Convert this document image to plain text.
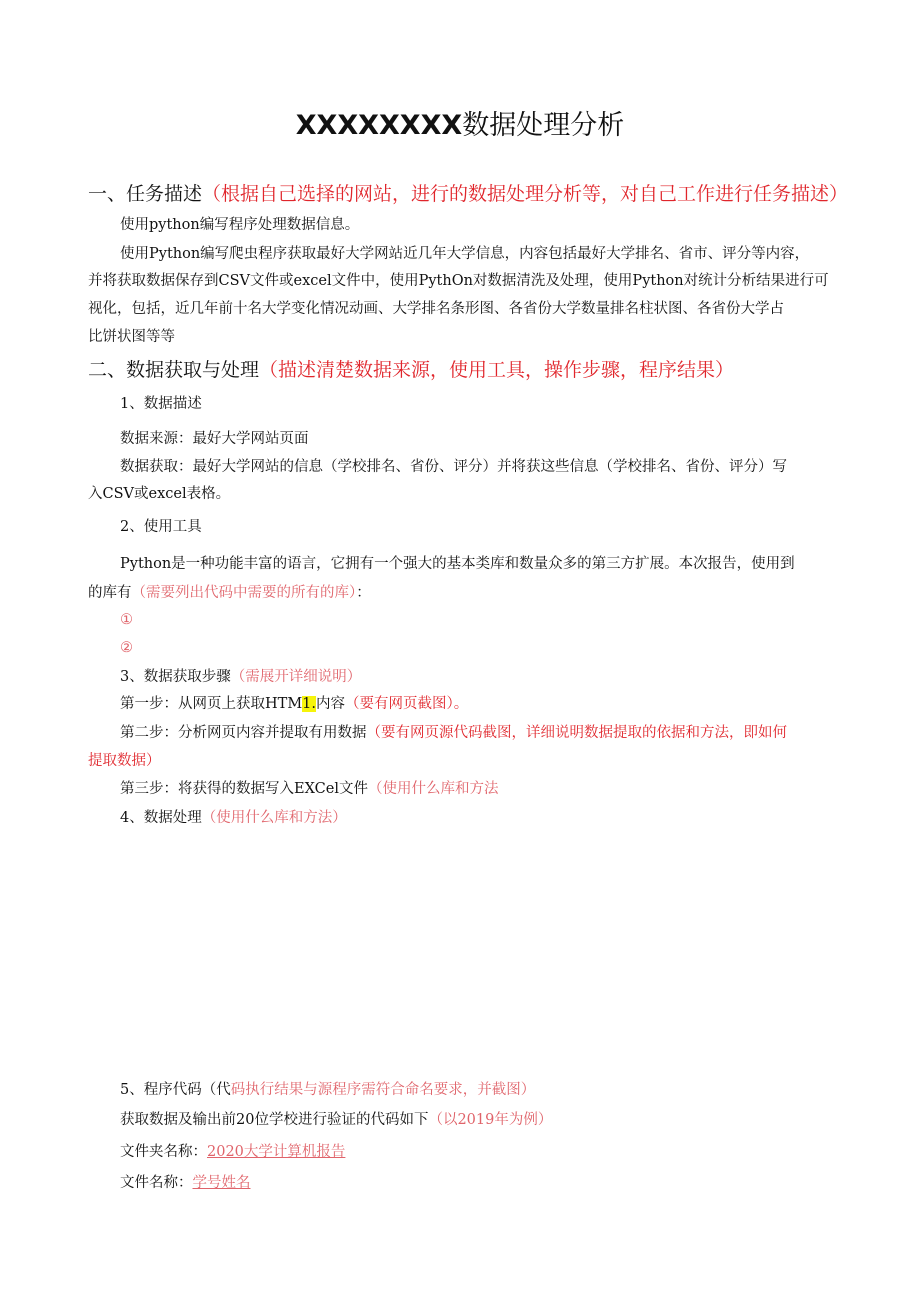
XXXXXXXX数据处理分析
一、任务描述（根据自己选择的网站，进行的数据处理分析等，对自己工作进行任务描述）
使用python编写程序处理数据信息。
使用Python编写爬虫程序获取最好大学网站近几年大学信息，内容包括最好大学排名、省市、评分等内容，
并将获取数据保存到CSV文件或excel文件中，使用PythOn对数据清洗及处理，使用Python对统计分析结果进行可
视化，包括，近几年前十名大学变化情况动画、大学排名条形图、各省份大学数量排名柱状图、各省份大学占
比饼状图等等
二、数据获取与处理（描述清楚数据来源，使用工具，操作步骤，程序结果）
1、数据描述
数据来源：最好大学网站页面
数据获取：最好大学网站的信息（学校排名、省份、评分）并将获这些信息（学校排名、省份、评分）写
入CSV或excel表格。
2、使用工具
Python是一种功能丰富的语言，它拥有一个强大的基本类库和数量众多的第三方扩展。本次报告，使用到
的库有（需要列出代码中需要的所有的库）：
①
②
3、数据获取步骤（需展开详细说明）
第一步：从网页上获取HTM1.内容（要有网页截图）。
第二步：分析网页内容并提取有用数据（要有网页源代码截图，详细说明数据提取的依据和方法，即如何
提取数据）
第三步：将获得的数据写入EXCel文件（使用什么库和方法
4、数据处理（使用什么库和方法）
5、程序代码（代码执行结果与源程序需符合命名要求，并截图）
获取数据及输出前20位学校进行验证的代码如下（以2019年为例）
文件夹名称：2020大学计算机报告
文件名称：学号姓名
